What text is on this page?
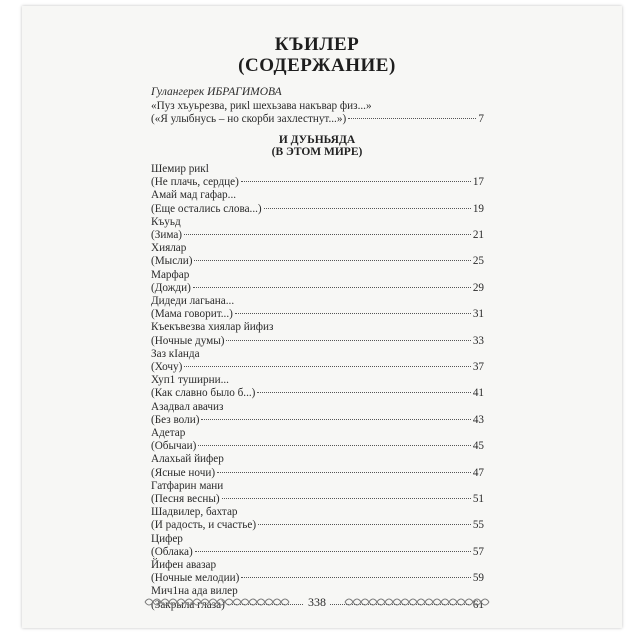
КЪИЛЕР
(СОДЕРЖАНИЕ)
Гулангерек ИБРАГИМОВА
«Пуз хъуьрезва, рикl шехьзава накъвар физ...»
(«Я улыбнусь – но скорби захлестнут...»)	7
И ДУЬНЬЯДА
(В ЭТОМ МИРЕ)
Шемир рикl
(Не плачь, сердце)	17
Амай мад гафар...
(Еще остались слова...)	19
Къуьд
(Зима)	21
Хиялар
(Мысли)	25
Марфар
(Дожди)	29
Дидеди лагьана...
(Мама говорит...)	31
Къекъвезва хиялар йифиз
(Ночные думы)	33
Заз кIанда
(Хочу)	37
Хуп1 туширни...
(Как славно было б...)	41
Азадвал авачиз
(Без воли)	43
Адетар
(Обычаи)	45
Алахьай йифер
(Ясные ночи)	47
Гатфарин мани
(Песня весны)	51
Шадвилер, бахтар
(И радость, и счастье)	55
Цифер
(Облака)	57
Йифен авазар
(Ночные мелодии)	59
Мич1на ада вилер
(Закрыла глаза)	61
338
